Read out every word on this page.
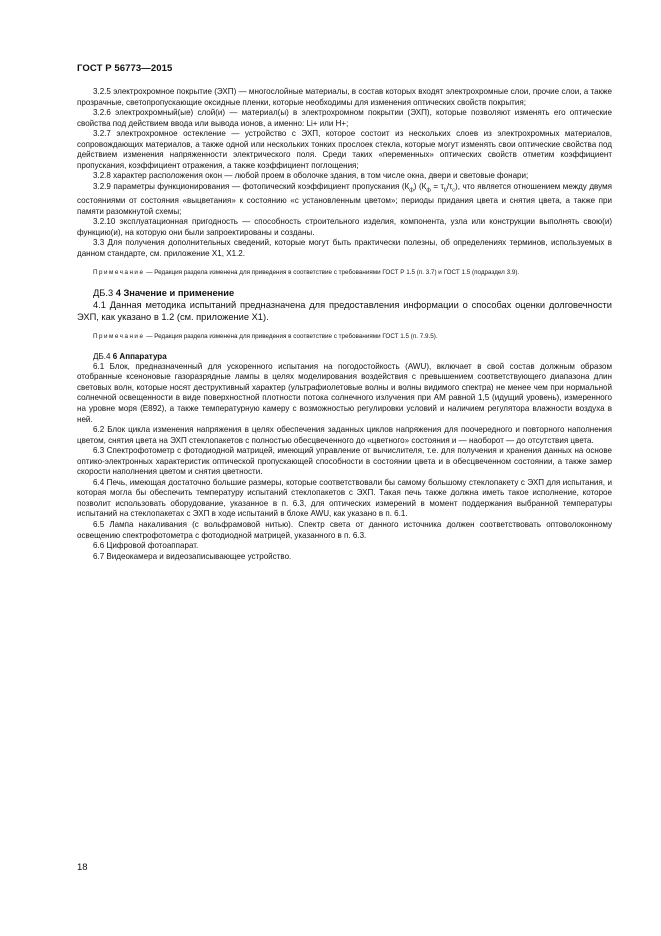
ГОСТ Р 56773—2015

3.2.5 электрохромное покрытие (ЭХП) — многослойные материалы, в состав которых входят электрохромные слои, прочие слои, а также прозрачные, светопропускающие оксидные пленки, которые необходимы для изменения оптических свойств покрытия;

3.2.6 электрохромный(ые) слой(и) — материал(ы) в электрохромном покрытии (ЭХП), которые позволяют изменять его оптические свойства под действием ввода или вывода ионов, а именно: Li+ или H+;

3.2.7 электрохромное остекление — устройство с ЭХП, которое состоит из нескольких слоев из электрохромных материалов, сопровождающих материалов, а также одной или нескольких тонких прослоек стекла, которые могут изменять свои оптические свойства под действием изменения напряженности электрического поля. Среди таких «переменных» оптических свойств отметим коэффициент пропускания, коэффициент отражения, а также коэффициент поглощения;

3.2.8 характер расположения окон — любой проем в оболочке здания, в том числе окна, двери и световые фонари;

3.2.9 параметры функционирования — фотопический коэффициент пропускания $(К_ф) (К_ф = \tau_b/\tau_c)$, что является отношением между двумя состояниями от состояния «выцветания» к состоянию «с установленным цветом»; периоды придания цвета и снятия цвета, а также при памяти разомкнутой схемы;

3.2.10 эксплуатационная пригодность — способность строительного изделия, компонента, узла или конструкции выполнять свою(и) функцию(и), на которую они были запроектированы и созданы.

3.3 Для получения дополнительных сведений, которые могут быть практически полезны, об определениях терминов, используемых в данном стандарте, см. приложение X1, X1.2.

Примечание — Редакция раздела изменена для приведения в соответствие с требованиями ГОСТ Р 1.5 (п. 3.7) и ГОСТ 1.5 (подраздел 3.9).

ДБ.3 4 Значение и применение

4.1 Данная методика испытаний предназначена для предоставления информации о способах оценки долговечности ЭХП, как указано в 1.2 (см. приложение X1).

Примечание — Редакция раздела изменена для приведения в соответствие с требованиями ГОСТ 1.5 (п. 7.9.5).

ДБ.4 6 Аппаратура

6.1 Блок, предназначенный для ускоренного испытания на погодостойкость (AWU), включает в свой состав должным образом отобранные ксеноновые газоразрядные лампы в целях моделирования воздействия с превышением соответствующего диапазона длин световых волн, которые носят деструктивный характер (ультрафиолетовые волны и волны видимого спектра) не менее чем при нормальной солнечной освещенности в виде поверхностной плотности потока солнечного излучения при АМ равной 1,5 (идущий уровень), измеренного на уровне моря (E892), а также температурную камеру с возможностью регулировки условий и наличием регулятора влажности воздуха в ней.

6.2 Блок цикла изменения напряжения в целях обеспечения заданных циклов напряжения для поочередного и повторного наполнения цветом, снятия цвета на ЭХП стеклопакетов с полностью обесцвеченного до «цветного» состояния и — наоборот — до отсутствия цвета.

6.3 Спектрофотометр с фотодиодной матрицей, имеющий управление от вычислителя, т.е. для получения и хранения данных на основе оптико-электронных характеристик оптической пропускающей способности в состоянии цвета и в обесцвеченном состоянии, а также замер скорости наполнения цветом и снятия цветности.

6.4 Печь, имеющая достаточно большие размеры, которые соответствовали бы самому большому стеклопакету с ЭХП для испытания, и которая могла бы обеспечить температуру испытаний стеклопакетов с ЭХП. Такая печь также должна иметь такое исполнение, которое позволит использовать оборудование, указанное в п. 6.3, для оптических измерений в момент поддержания выбранной температуры испытаний на стеклопакетах с ЭХП в ходе испытаний в блоке AWU, как указано в п. 6.1.

6.5 Лампа накаливания (с вольфрамовой нитью). Спектр света от данного источника должен соответствовать оптоволоконному освещению спектрофотометра с фотодиодной матрицей, указанного в п. 6.3.

6.6 Цифровой фотоаппарат.

6.7 Видеокамера и видеозаписывающее устройство.

18
